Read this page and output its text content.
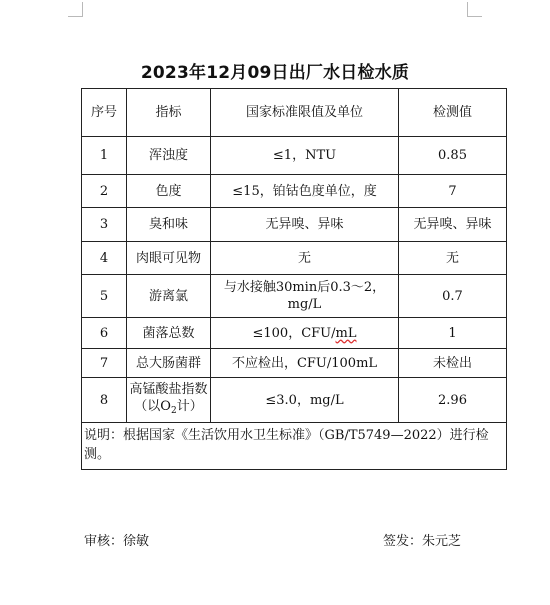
2023年12月09日出厂水日检水质
序号	指标	国家标准限值及单位	检测值
1	浑浊度	≤1，NTU	0.85
2	色度	≤15，铂钴色度单位，度	7
3	臭和味	无异嗅、异味	无异嗅、异味
4	肉眼可见物	无	无
5	游离氯	与水接触30min后0.3～2，
mg/L	0.7
6	菌落总数	≤100，CFU/mL	1
7	总大肠菌群	不应检出，CFU/100mL	未检出
8	高锰酸盐指数
（以$O_2$计）	≤3.0，mg/L	2.96
说明：根据国家《生活饮用水卫生标准》（GB/T5749—2022）进行检测。			
审核：徐敏	签发：朱元芝
